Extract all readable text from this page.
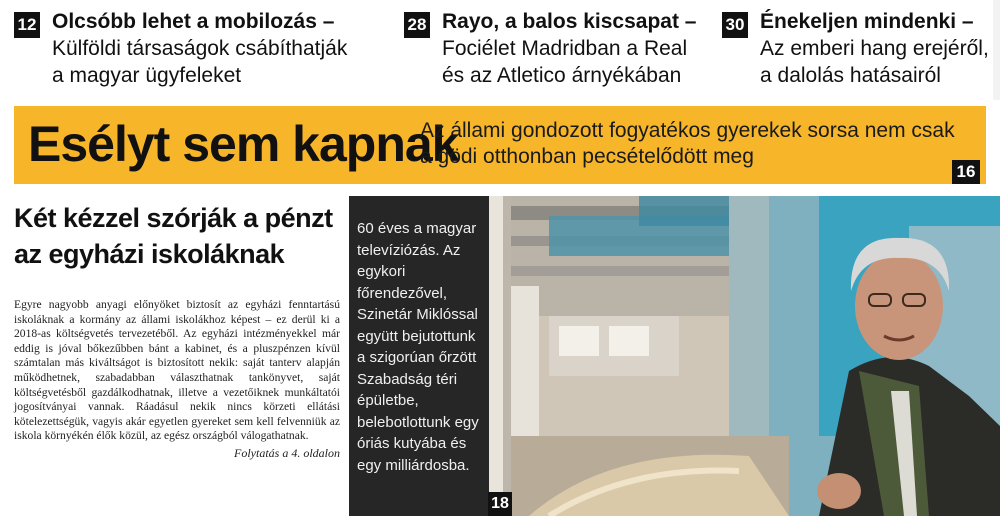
12 Olcsóbb lehet a mobilozás –
Külföldi társaságok csábíthatják
a magyar ügyfeleket
28 Rayo, a balos kiscsapat –
Fociélet Madridban a Real
és az Atletico árnyékában
30 Énekeljen mindenki –
Az emberi hang erejéről,
a dalolás hatásairól
Esélyt sem kapnak
Az állami gondozott fogyatékos gyerekek sorsa nem csak
a gödi otthonban pecsételődött meg
16
Két kézzel szórják a pénzt
az egyházi iskoláknak
Egyre nagyobb anyagi előnyöket biztosít az egyházi fenntartású iskoláknak a kormány az állami iskolákhoz képest – ez derül ki a 2018-as költségvetés tervezetéből. Az egyházi intézményekkel már eddig is jóval bőkezűbben bánt a kabinet, és a pluszpénzen kívül számtalan más kiváltságot is biztosított nekik: saját tanterv alapján működhetnek, szabadabban választhatnak tankönyvet, saját költségvetésből gazdálkodhatnak, illetve a vezetőiknek munkáltatói jogosítványai vannak. Ráadásul nekik nincs körzeti ellátási kötelezettségük, vagyis akár egyetlen gyereket sem kell felvenniük az iskola környékén élők közül, az egész országból válogathatnak.
Folytatás a 4. oldalon
60 éves a magyar televíziózás. Az egykori főrendezővel, Szinetár Miklóssal együtt bejutottunk a szigorúan őrzött Szabadság téri épületbe, belebotlottunk egy óriás kutyába és egy milliárdosba.
18
